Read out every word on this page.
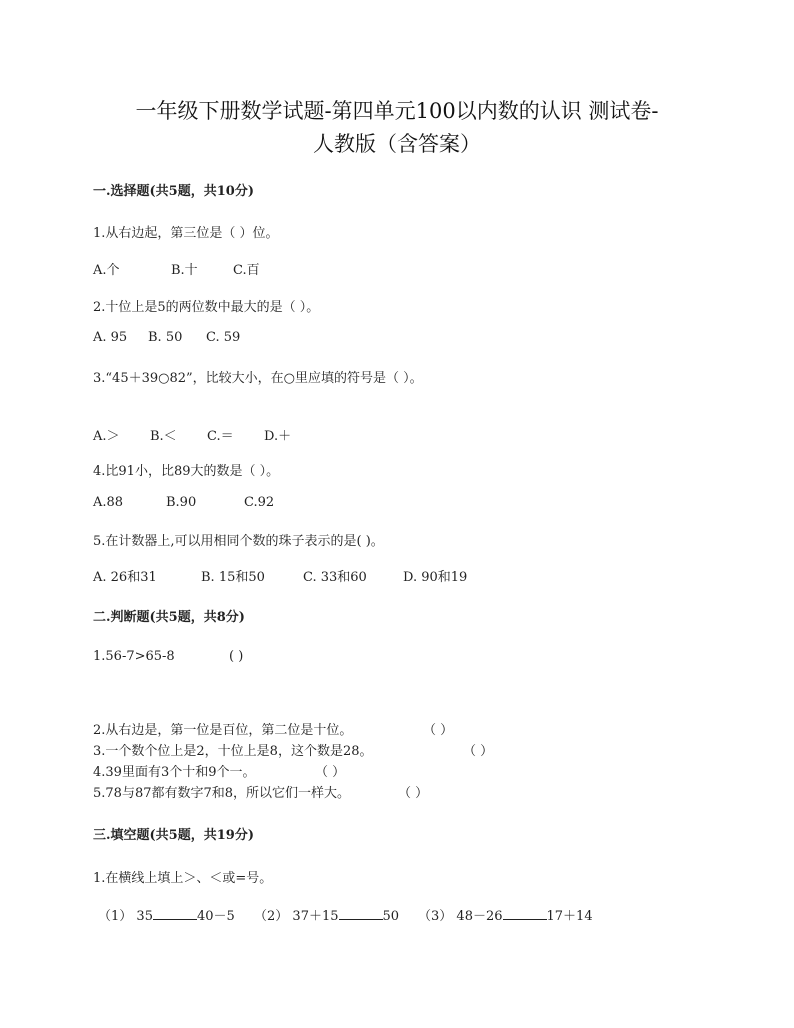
一年级下册数学试题-第四单元100以内数的认识 测试卷-
人教版（含答案）
一.选择题(共5题，共10分)
1.从右边起，第三位是（ ）位。
A.个	B.十	C.百
2.十位上是5的两位数中最大的是（ ）。
A. 95 B. 50 C. 59
3.“45＋39○82”，比较大小，在○里应填的符号是（ ）。
A.＞ B.＜ C.＝ D.＋
4.比91小，比89大的数是（ ）。
A.88	B.90	C.92
5.在计数器上,可以用相同个数的珠子表示的是( )。
A. 26和31	B. 15和50	C. 33和60	D. 90和19
二.判断题(共5题，共8分)
1.56-7>65-8	( )
2.从右边是，第一位是百位，第二位是十位。	（ ）
3.一个数个位上是2，十位上是8，这个数是28。	（ ）
4.39里面有3个十和9个一。	（ ）
5.78与87都有数字7和8，所以它们一样大。	（ ）
三.填空题(共5题，共19分)
1.在横线上填上＞、＜或=号。
（1） 35	40－5 （2） 37＋15	50 （3） 48－26	17＋14
